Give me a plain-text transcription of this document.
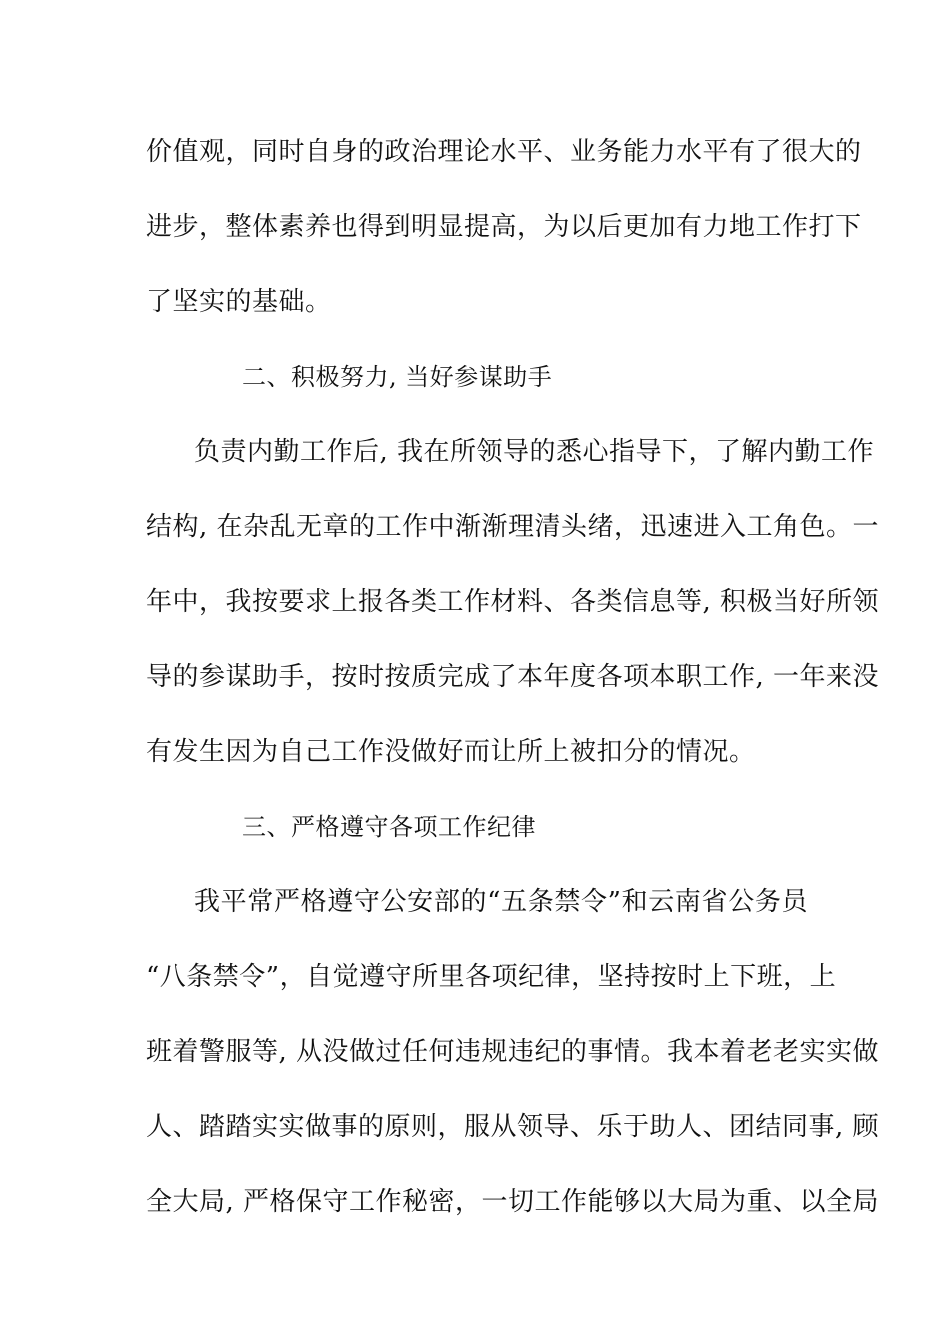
价值观，同时自身的政治理论水平、业务能力水平有了很大的
进步，整体素养也得到明显提高，为以后更加有力地工作打下
了坚实的基础。
二、积极努力, 当好参谋助手
负责内勤工作后, 我在所领导的悉心指导下，了解内勤工作
结构, 在杂乱无章的工作中渐渐理清头绪，迅速进入工角色。一
年中，我按要求上报各类工作材料、各类信息等, 积极当好所领
导的参谋助手，按时按质完成了本年度各项本职工作, 一年来没
有发生因为自己工作没做好而让所上被扣分的情况。
三、严格遵守各项工作纪律
我平常严格遵守公安部的“五条禁令”和云南省公务员
“八条禁令”，自觉遵守所里各项纪律，坚持按时上下班，上
班着警服等, 从没做过任何违规违纪的事情。我本着老老实实做
人、踏踏实实做事的原则，服从领导、乐于助人、团结同事, 顾
全大局, 严格保守工作秘密，一切工作能够以大局为重、以全局
